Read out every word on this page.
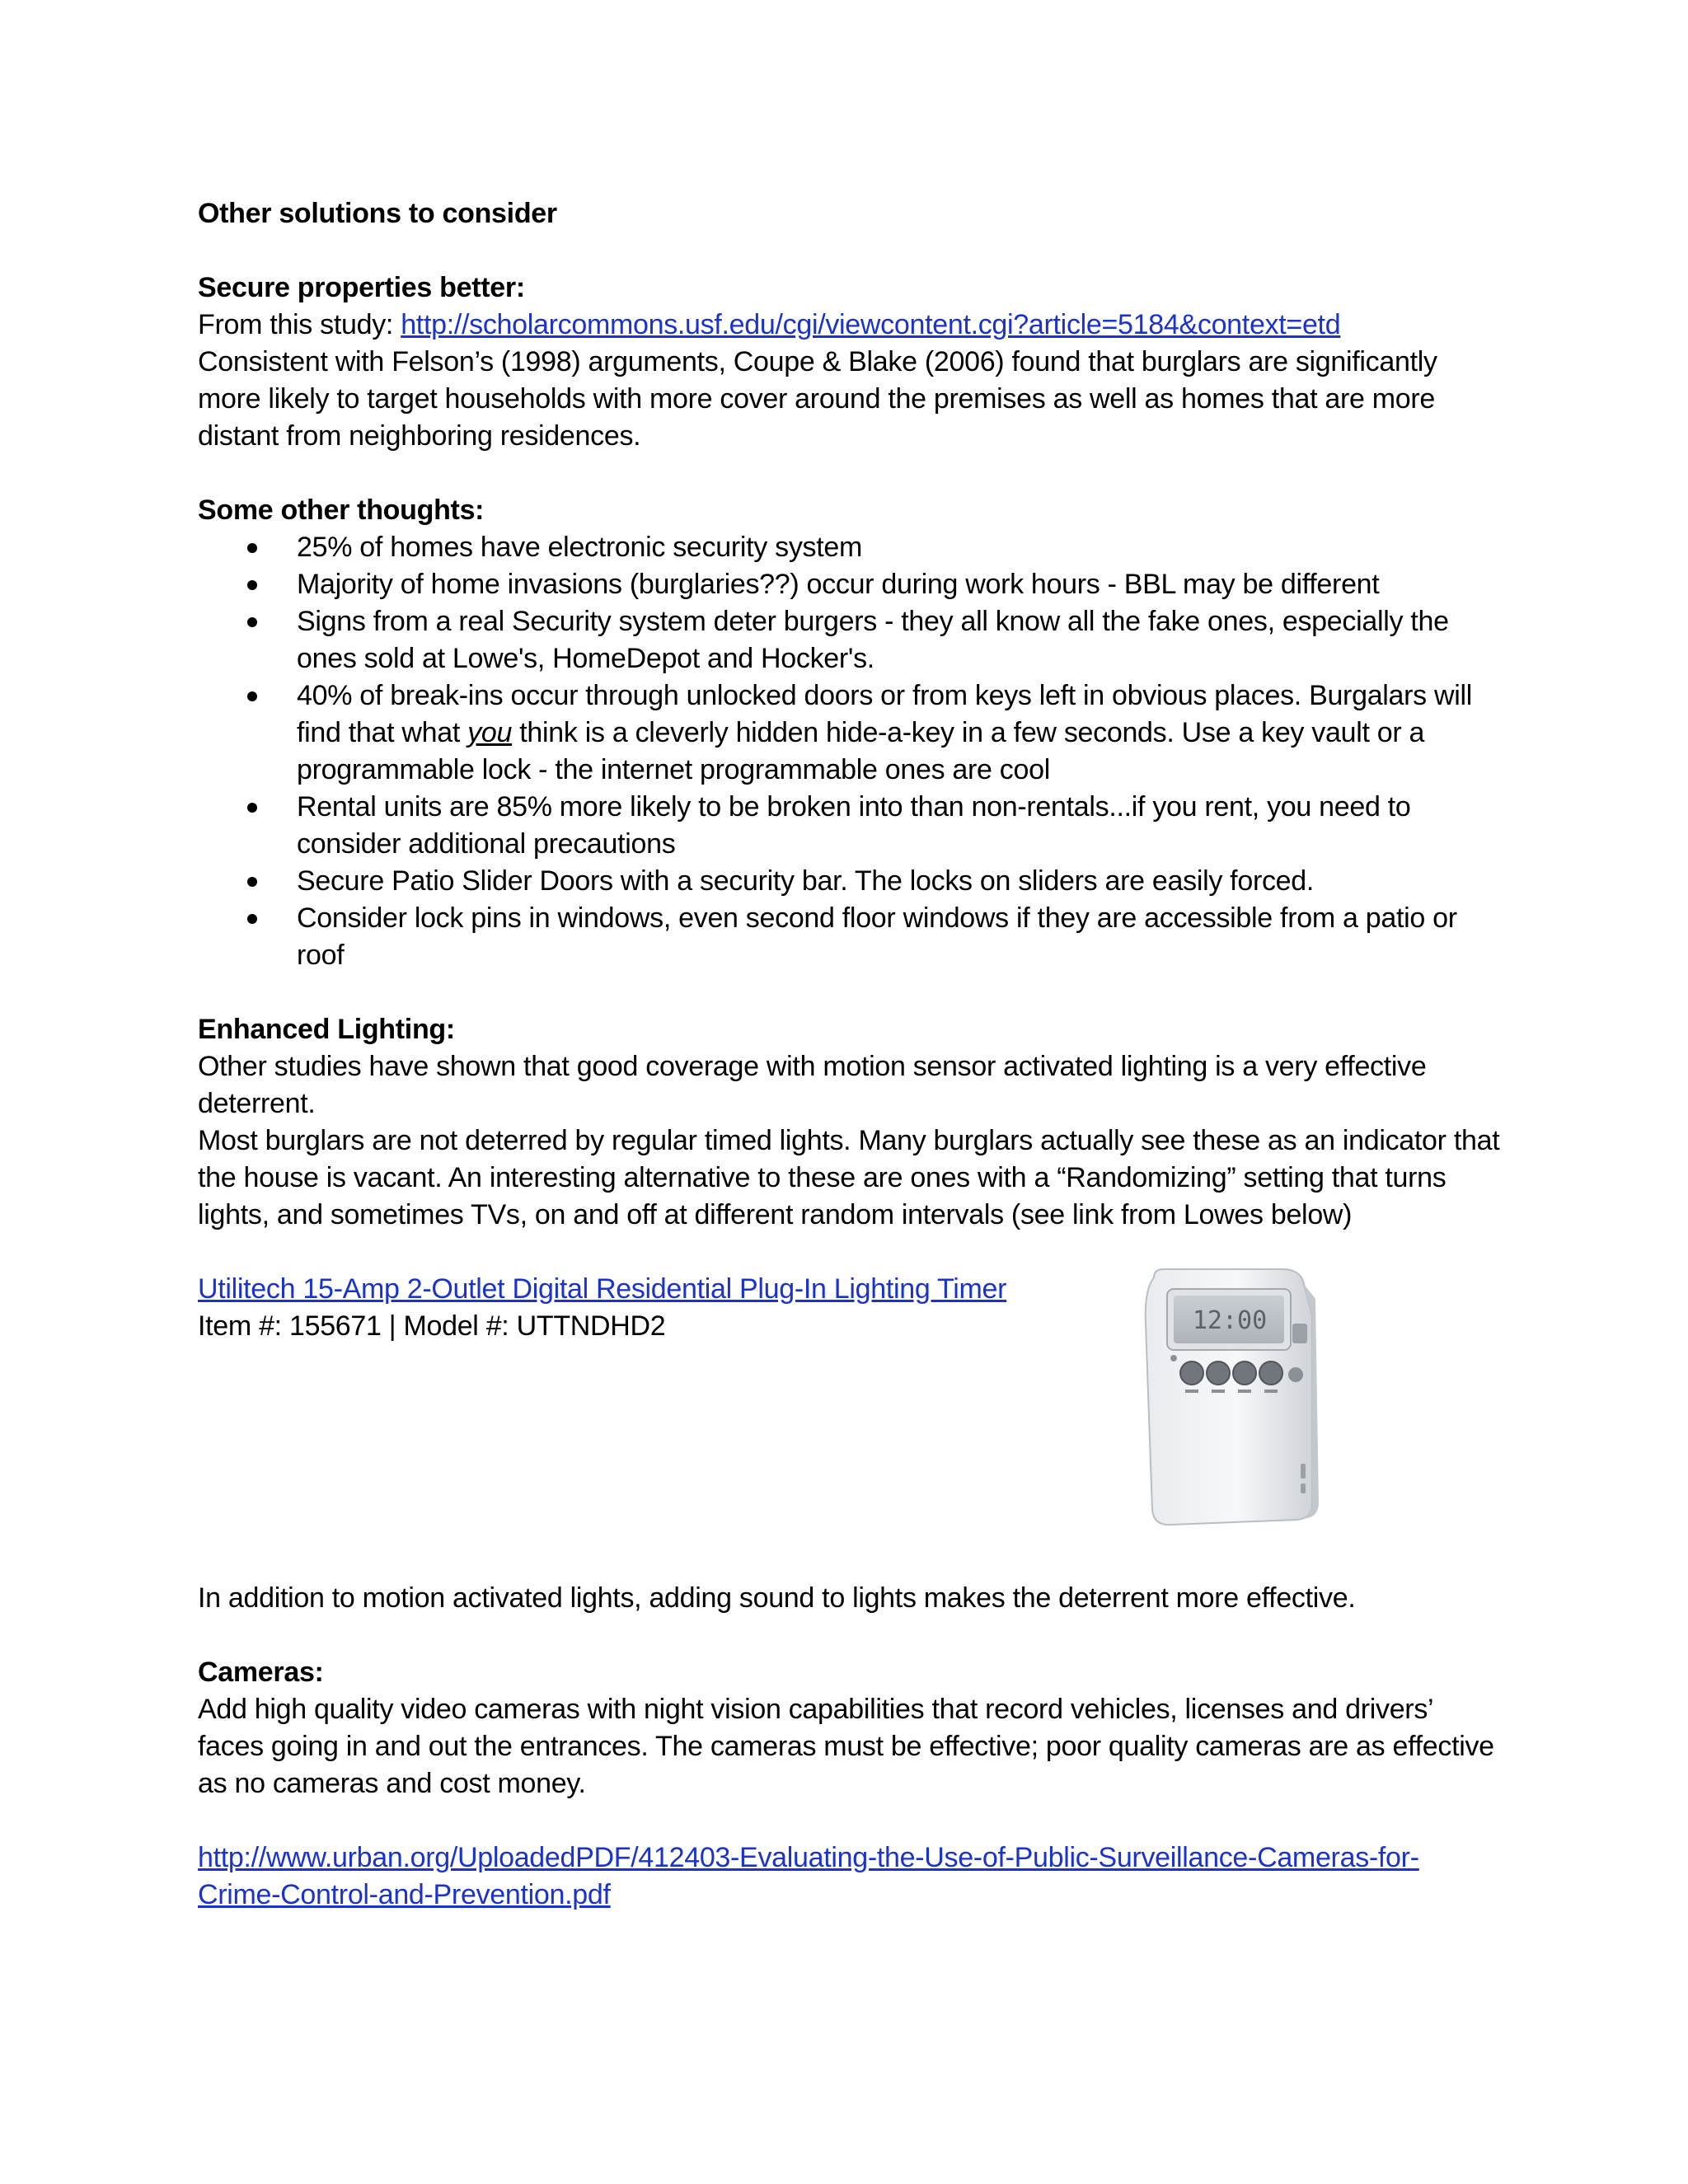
Other solutions to consider

Secure properties better:

From this study: http://scholarcommons.usf.edu/cgi/viewcontent.cgi?article=5184&context=etd

Consistent with Felson’s (1998) arguments, Coupe & Blake (2006) found that burglars are significantly

more likely to target households with more cover around the premises as well as homes that are more

distant from neighboring residences.

Some other thoughts:

25% of homes have electronic security system
Majority of home invasions (burglaries??) occur during work hours - BBL may be different
Signs from a real Security system deter burgers - they all know all the fake ones, especially the ones sold at Lowe's, HomeDepot and Hocker's.
40% of break-ins occur through unlocked doors or from keys left in obvious places. Burgalars will find that what you think is a cleverly hidden hide-a-key in a few seconds. Use a key vault or a programmable lock - the internet programmable ones are cool
Rental units are 85% more likely to be broken into than non-rentals...if you rent, you need to consider additional precautions
Secure Patio Slider Doors with a security bar. The locks on sliders are easily forced.
Consider lock pins in windows, even second floor windows if they are accessible from a patio or roof

Enhanced Lighting:

Other studies have shown that good coverage with motion sensor activated lighting is a very effective deterrent.

Most burglars are not deterred by regular timed lights. Many burglars actually see these as an indicator that the house is vacant. An interesting alternative to these are ones with a “Randomizing” setting that turns lights, and sometimes TVs, on and off at different random intervals (see link from Lowes below)

Utilitech 15-Amp 2-Outlet Digital Residential Plug-In Lighting Timer

Item #: 155671 | Model #: UTTNDHD2	12:00

In addition to motion activated lights, adding sound to lights makes the deterrent more effective.

Cameras:

Add high quality video cameras with night vision capabilities that record vehicles, licenses and drivers’ faces going in and out the entrances. The cameras must be effective; poor quality cameras are as effective as no cameras and cost money.

http://www.urban.org/UploadedPDF/412403-Evaluating-the-Use-of-Public-Surveillance-Cameras-for-
Crime-Control-and-Prevention.pdf
